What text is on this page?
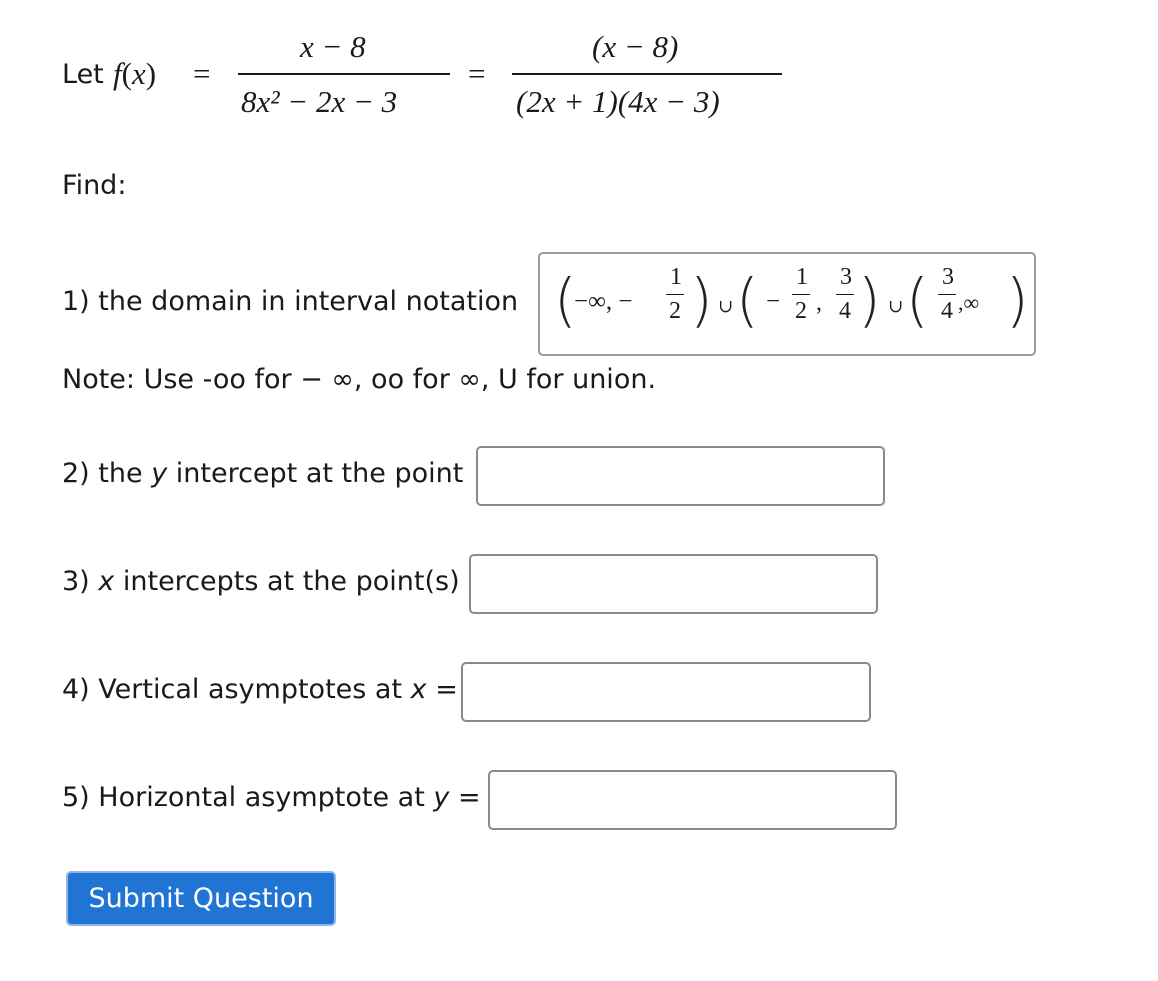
Let f(x) =
x − 8
8x² − 2x − 3
=
(x − 8)
(2x + 1)(4x − 3)
Find:
1) the domain in interval notation (
−∞, −
1
2 ) ∪ ( −
1
2 ,
3
4 ) ∪ ( 3
4 ,∞ )
Note: Use -oo for − ∞, oo for ∞, U for union.
2) the y intercept at the point
3) x intercepts at the point(s)
4) Vertical asymptotes at x =
5) Horizontal asymptote at y =
Submit Question
